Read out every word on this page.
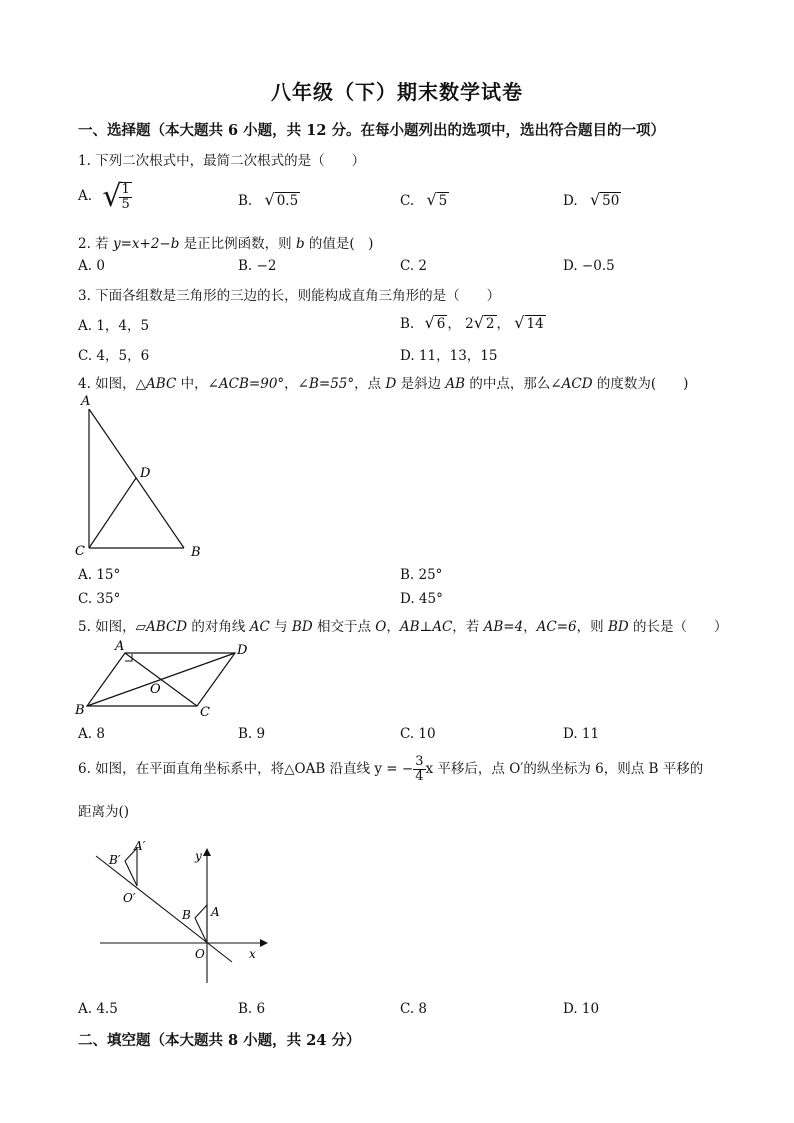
八年级（下）期末数学试卷
一、选择题（本大题共 6 小题，共 12 分。在每小题列出的选项中，选出符合题目的一项）
1. 下列二次根式中，最简二次根式的是（　　）
A. √
$\frac{1}{5}$	B. √ 0.5	C. √ 5	D. √ 50
2. 若 y=x+2−b 是正比例函数，则 b 的值是(　)
A. 0	B. −2	C. 2	D. −0.5
3. 下面各组数是三角形的三边的长，则能构成直角三角形的是（　　）
A. 1，4，5	B. √ 6 ， 2√ 2 ， √ 14
C. 4，5，6	D. 11，13，15
4. 如图，△ABC 中，∠ACB=90°，∠B=55°，点 D 是斜边 AB 的中点，那么∠ACD 的度数为(　　)
A
D
C	B
A. 15°	B. 25°
C. 35°	D. 45°
5. 如图，▱ABCD 的对角线 AC 与 BD 相交于点 O，AB⊥AC，若 AB=4，AC=6，则 BD 的长是（　　）
A	D
O
B	C
A. 8	B. 9	C. 10	D. 11
6. 如图，在平面直角坐标系中，将△OAB 沿直线 y = − $\frac{3}{4}$ x 平移后，点 O′的纵坐标为 6，则点 B 平移的
距离为()
y
x
O
A
B
A′
B′
O′
A. 4.5	B. 6	C. 8	D. 10
二、填空题（本大题共 8 小题，共 24 分）
